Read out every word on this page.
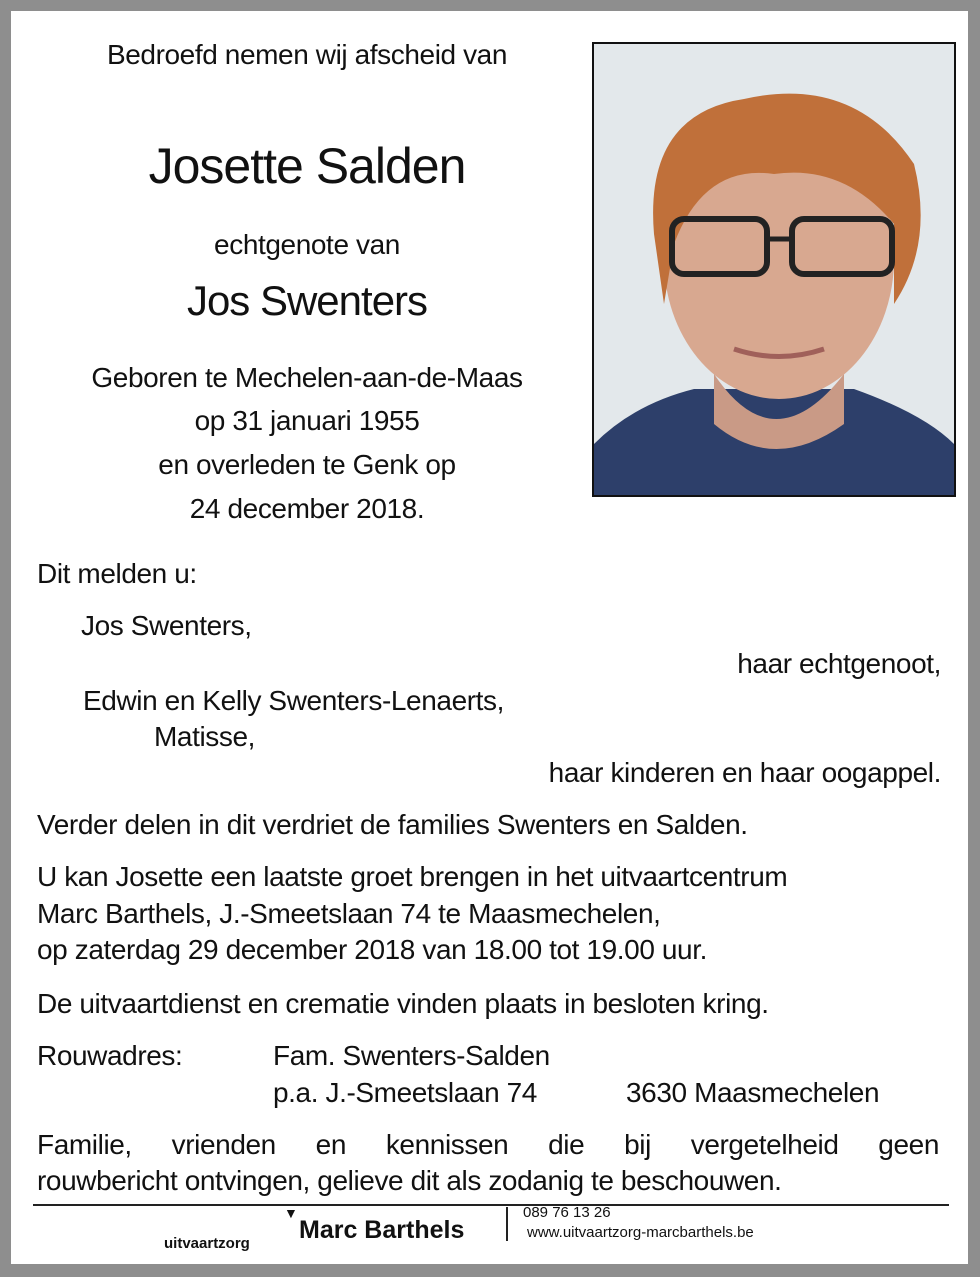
Bedroefd nemen wij afscheid van
Josette Salden
echtgenote van
Jos Swenters
Geboren te Mechelen-aan-de-Maas
op 31 januari 1955
en overleden te Genk op
24 december 2018.
Dit melden u:
Jos Swenters,
haar echtgenoot,
Edwin en Kelly Swenters-Lenaerts,
Matisse,
haar kinderen en haar oogappel.
Verder delen in dit verdriet de families Swenters en Salden.
U kan Josette een laatste groet brengen in het uitvaartcentrum
Marc Barthels, J.-Smeetslaan 74 te Maasmechelen,
op zaterdag 29 december 2018 van 18.00 tot 19.00 uur.
De uitvaartdienst en crematie vinden plaats in besloten kring.
Rouwadres:	Fam. Swenters-Salden
p.a. J.-Smeetslaan 74	3630 Maasmechelen
Familie, vrienden en kennissen die bij vergetelheid geen
rouwbericht ontvingen, gelieve dit als zodanig te beschouwen.
uitvaartzorg
▼
Marc Barthels
089 76 13 26
www.uitvaartzorg-marcbarthels.be
